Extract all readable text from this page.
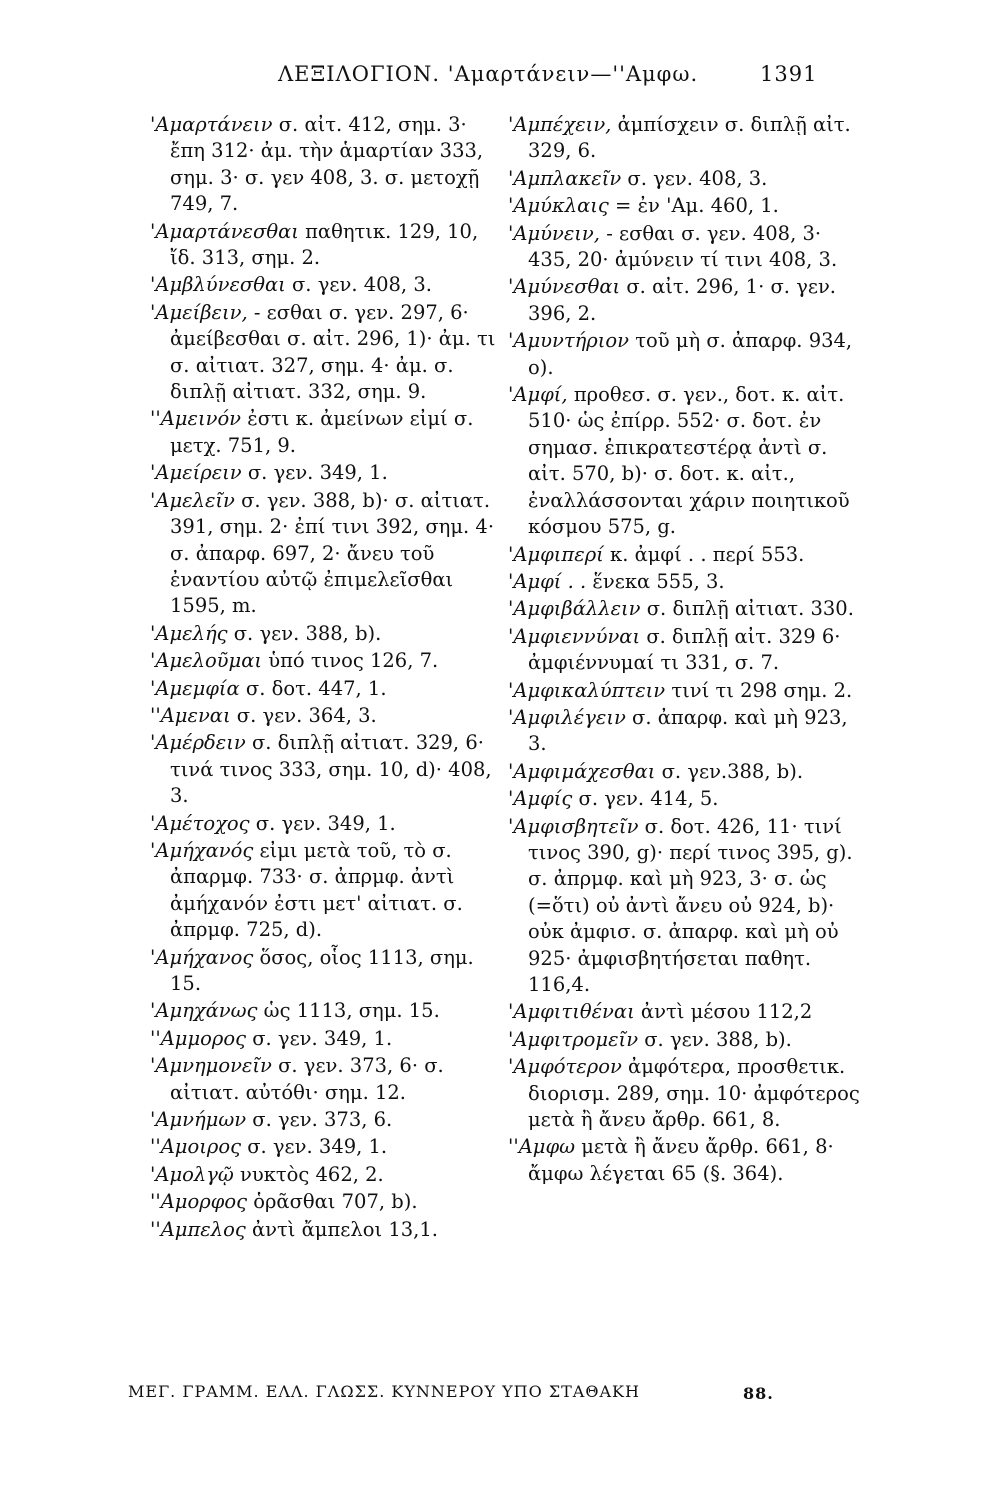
ΛΕΞΙΛΟΓΙΟΝ. 'Αμαρτάνειν—''Αμφω.	1391
'Αμαρτάνειν σ. αἰτ. 412, σημ. 3· ἔπη 312· ἀμ. τὴν ἁμαρτίαν 333, σημ. 3· σ. γεν 408, 3. σ. μετοχῇ 749, 7.
'Αμαρτάνεσθαι παθητικ. 129, 10, ἴδ. 313, σημ. 2.
'Αμβλύνεσθαι σ. γεν. 408, 3.
'Αμείβειν, - εσθαι σ. γεν. 297, 6· ἀμείβεσθαι σ. αἰτ. 296, 1)· ἀμ. τι σ. αἰτιατ. 327, σημ. 4· ἀμ. σ. διπλῇ αἰτιατ. 332, σημ. 9.
''Αμεινόν ἐστι κ. ἀμείνων εἰμί σ. μετχ. 751, 9.
'Αμείρειν σ. γεν. 349, 1.
'Αμελεῖν σ. γεν. 388, b)· σ. αἰτιατ. 391, σημ. 2· ἐπί τινι 392, σημ. 4· σ. ἀπαρφ. 697, 2· ἄνευ τοῦ ἐναντίου αὐτῷ ἐπιμελεῖσθαι 1595, m.
'Αμελής σ. γεν. 388, b).
'Αμελοῦμαι ὑπό τινος 126, 7.
'Αμεμφία σ. δοτ. 447, 1.
''Αμεναι σ. γεν. 364, 3.
'Αμέρδειν σ. διπλῇ αἰτιατ. 329, 6· τινά τινος 333, σημ. 10, d)· 408, 3.
'Αμέτοχος σ. γεν. 349, 1.
'Αμήχανός εἰμι μετὰ τοῦ, τὸ σ. ἀπαρμφ. 733· σ. ἀπρμφ. ἀντὶ ἀμήχανόν ἐστι μετ' αἰτιατ. σ. ἀπρμφ. 725, d).
'Αμήχανος ὅσος, οἷος 1113, σημ. 15.
'Αμηχάνως ὡς 1113, σημ. 15.
''Αμμορος σ. γεν. 349, 1.
'Αμνημονεῖν σ. γεν. 373, 6· σ. αἰτιατ. αὐτόθι· σημ. 12.
'Αμνήμων σ. γεν. 373, 6.
''Αμοιρος σ. γεν. 349, 1.
'Αμολγῷ νυκτὸς 462, 2.
''Αμορφος ὁρᾶσθαι 707, b).
''Αμπελος ἀντὶ ἄμπελοι 13,1.
'Αμπέχειν, ἀμπίσχειν σ. διπλῇ αἰτ. 329, 6.
'Αμπλακεῖν σ. γεν. 408, 3.
'Αμύκλαις = ἐν 'Αμ. 460, 1.
'Αμύνειν, - εσθαι σ. γεν. 408, 3· 435, 20· ἀμύνειν τί τινι 408, 3.
'Αμύνεσθαι σ. αἰτ. 296, 1· σ. γεν. 396, 2.
'Αμυντήριον τοῦ μὴ σ. ἀπαρφ. 934, o).
'Αμφί, προθεσ. σ. γεν., δοτ. κ. αἰτ. 510· ὡς ἐπίρρ. 552· σ. δοτ. ἐν σημασ. ἐπικρατεστέρᾳ ἀντὶ σ. αἰτ. 570, b)· σ. δοτ. κ. αἰτ., ἐναλλάσσονται χάριν ποιητικοῦ κόσμου 575, g.
'Αμφιπερί κ. ἀμφί . . περί 553.
'Αμφί . . ἕνεκα 555, 3.
'Αμφιβάλλειν σ. διπλῇ αἰτιατ. 330.
'Αμφιεννύναι σ. διπλῇ αἰτ. 329 6· ἀμφιέννυμαί τι 331, σ. 7.
'Αμφικαλύπτειν τινί τι 298 σημ. 2.
'Αμφιλέγειν σ. ἀπαρφ. καὶ μὴ 923, 3.
'Αμφιμάχεσθαι σ. γεν.388, b).
'Αμφίς σ. γεν. 414, 5.
'Αμφισβητεῖν σ. δοτ. 426, 11· τινί τινος 390, g)· περί τινος 395, g). σ. ἀπρμφ. καὶ μὴ 923, 3· σ. ὡς (=ὅτι) οὐ ἀντὶ ἄνευ οὐ 924, b)· οὐκ ἀμφισ. σ. ἀπαρφ. καὶ μὴ οὐ 925· ἀμφισβητήσεται παθητ. 116,4.
'Αμφιτιθέναι ἀντὶ μέσου 112,2
'Αμφιτρομεῖν σ. γεν. 388, b).
'Αμφότερον ἀμφότερα, προσθετικ. διορισμ. 289, σημ. 10· ἀμφότερος μετὰ ἢ ἄνευ ἄρθρ. 661, 8.
''Αμφω μετὰ ἢ ἄνευ ἄρθρ. 661, 8· ἄμφω λέγεται 65 (§. 364).
ΜΕΓ. ΓΡΑΜΜ. ΕΛΛ. ΓΛΩΣΣ. ΚΥΝΝΕΡΟΥ ΥΠΟ ΣΤΑΘΑΚΗ	88.
